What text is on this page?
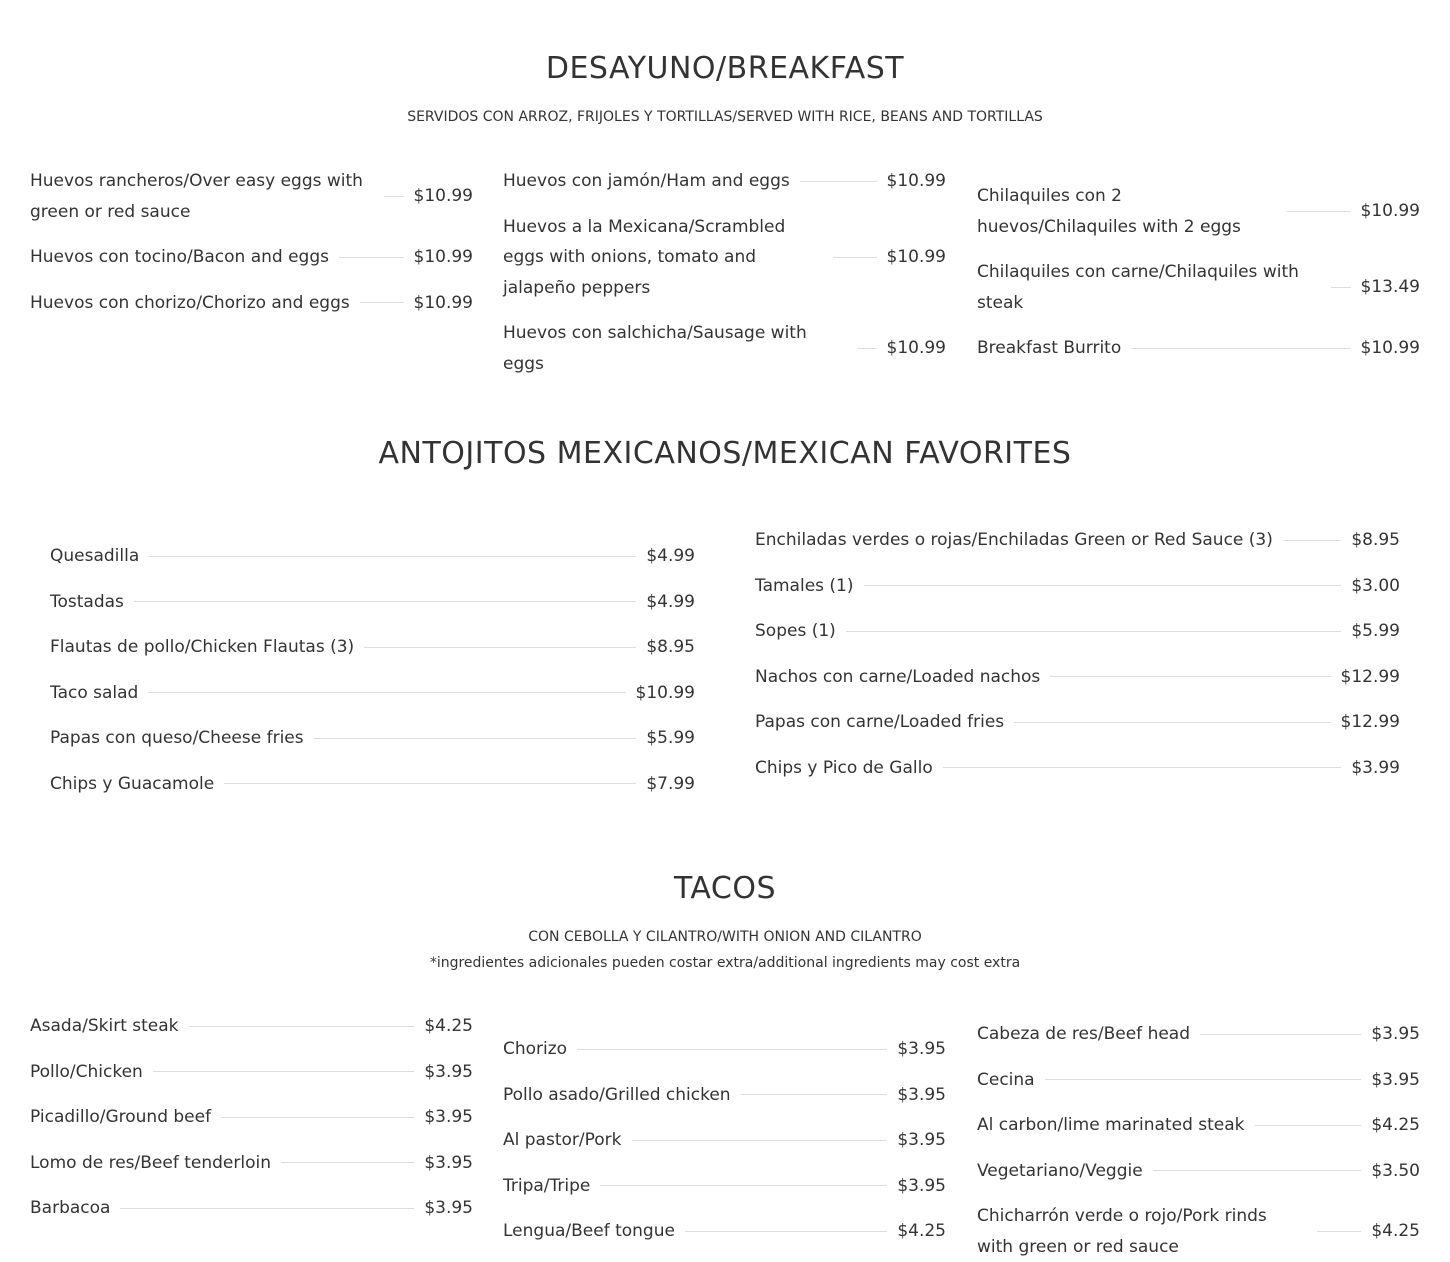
DESAYUNO/BREAKFAST

SERVIDOS CON ARROZ, FRIJOLES Y TORTILLAS/SERVED WITH RICE, BEANS AND TORTILLAS

Huevos rancheros/Over easy eggs with green or red sauce
$10.99
Huevos con tocino/Bacon and eggs	$10.99
Huevos con chorizo/Chorizo and eggs	$10.99
Huevos con jamón/Ham and eggs	$10.99
Huevos a la Mexicana/Scrambled eggs with onions, tomato and jalapeño peppers
$10.99
Huevos con salchicha/Sausage with eggs
$10.99
Chilaquiles con 2 huevos/Chilaquiles with 2 eggs
$10.99
Chilaquiles con carne/Chilaquiles with steak
$13.49
Breakfast Burrito	$10.99
ANTOJITOS MEXICANOS/MEXICAN FAVORITES
Quesadilla	$4.99
Tostadas	$4.99
Flautas de pollo/Chicken Flautas (3)	$8.95
Taco salad	$10.99
Papas con queso/Cheese fries	$5.99
Chips y Guacamole	$7.99
Enchiladas verdes o rojas/Enchiladas Green or Red Sauce (3)	$8.95
Tamales (1)	$3.00
Sopes (1)	$5.99
Nachos con carne/Loaded nachos	$12.99
Papas con carne/Loaded fries	$12.99
Chips y Pico de Gallo	$3.99
TACOS

CON CEBOLLA Y CILANTRO/WITH ONION AND CILANTRO

*ingredientes adicionales pueden costar extra/additional ingredients may cost extra

Asada/Skirt steak	$4.25
Pollo/Chicken	$3.95
Picadillo/Ground beef	$3.95
Lomo de res/Beef tenderloin	$3.95
Barbacoa	$3.95
Chorizo	$3.95
Pollo asado/Grilled chicken	$3.95
Al pastor/Pork	$3.95
Tripa/Tripe	$3.95
Lengua/Beef tongue	$4.25
Cabeza de res/Beef head	$3.95
Cecina	$3.95
Al carbon/lime marinated steak	$4.25
Vegetariano/Veggie	$3.50
Chicharrón verde o rojo/Pork rinds with green or red sauce
$4.25
